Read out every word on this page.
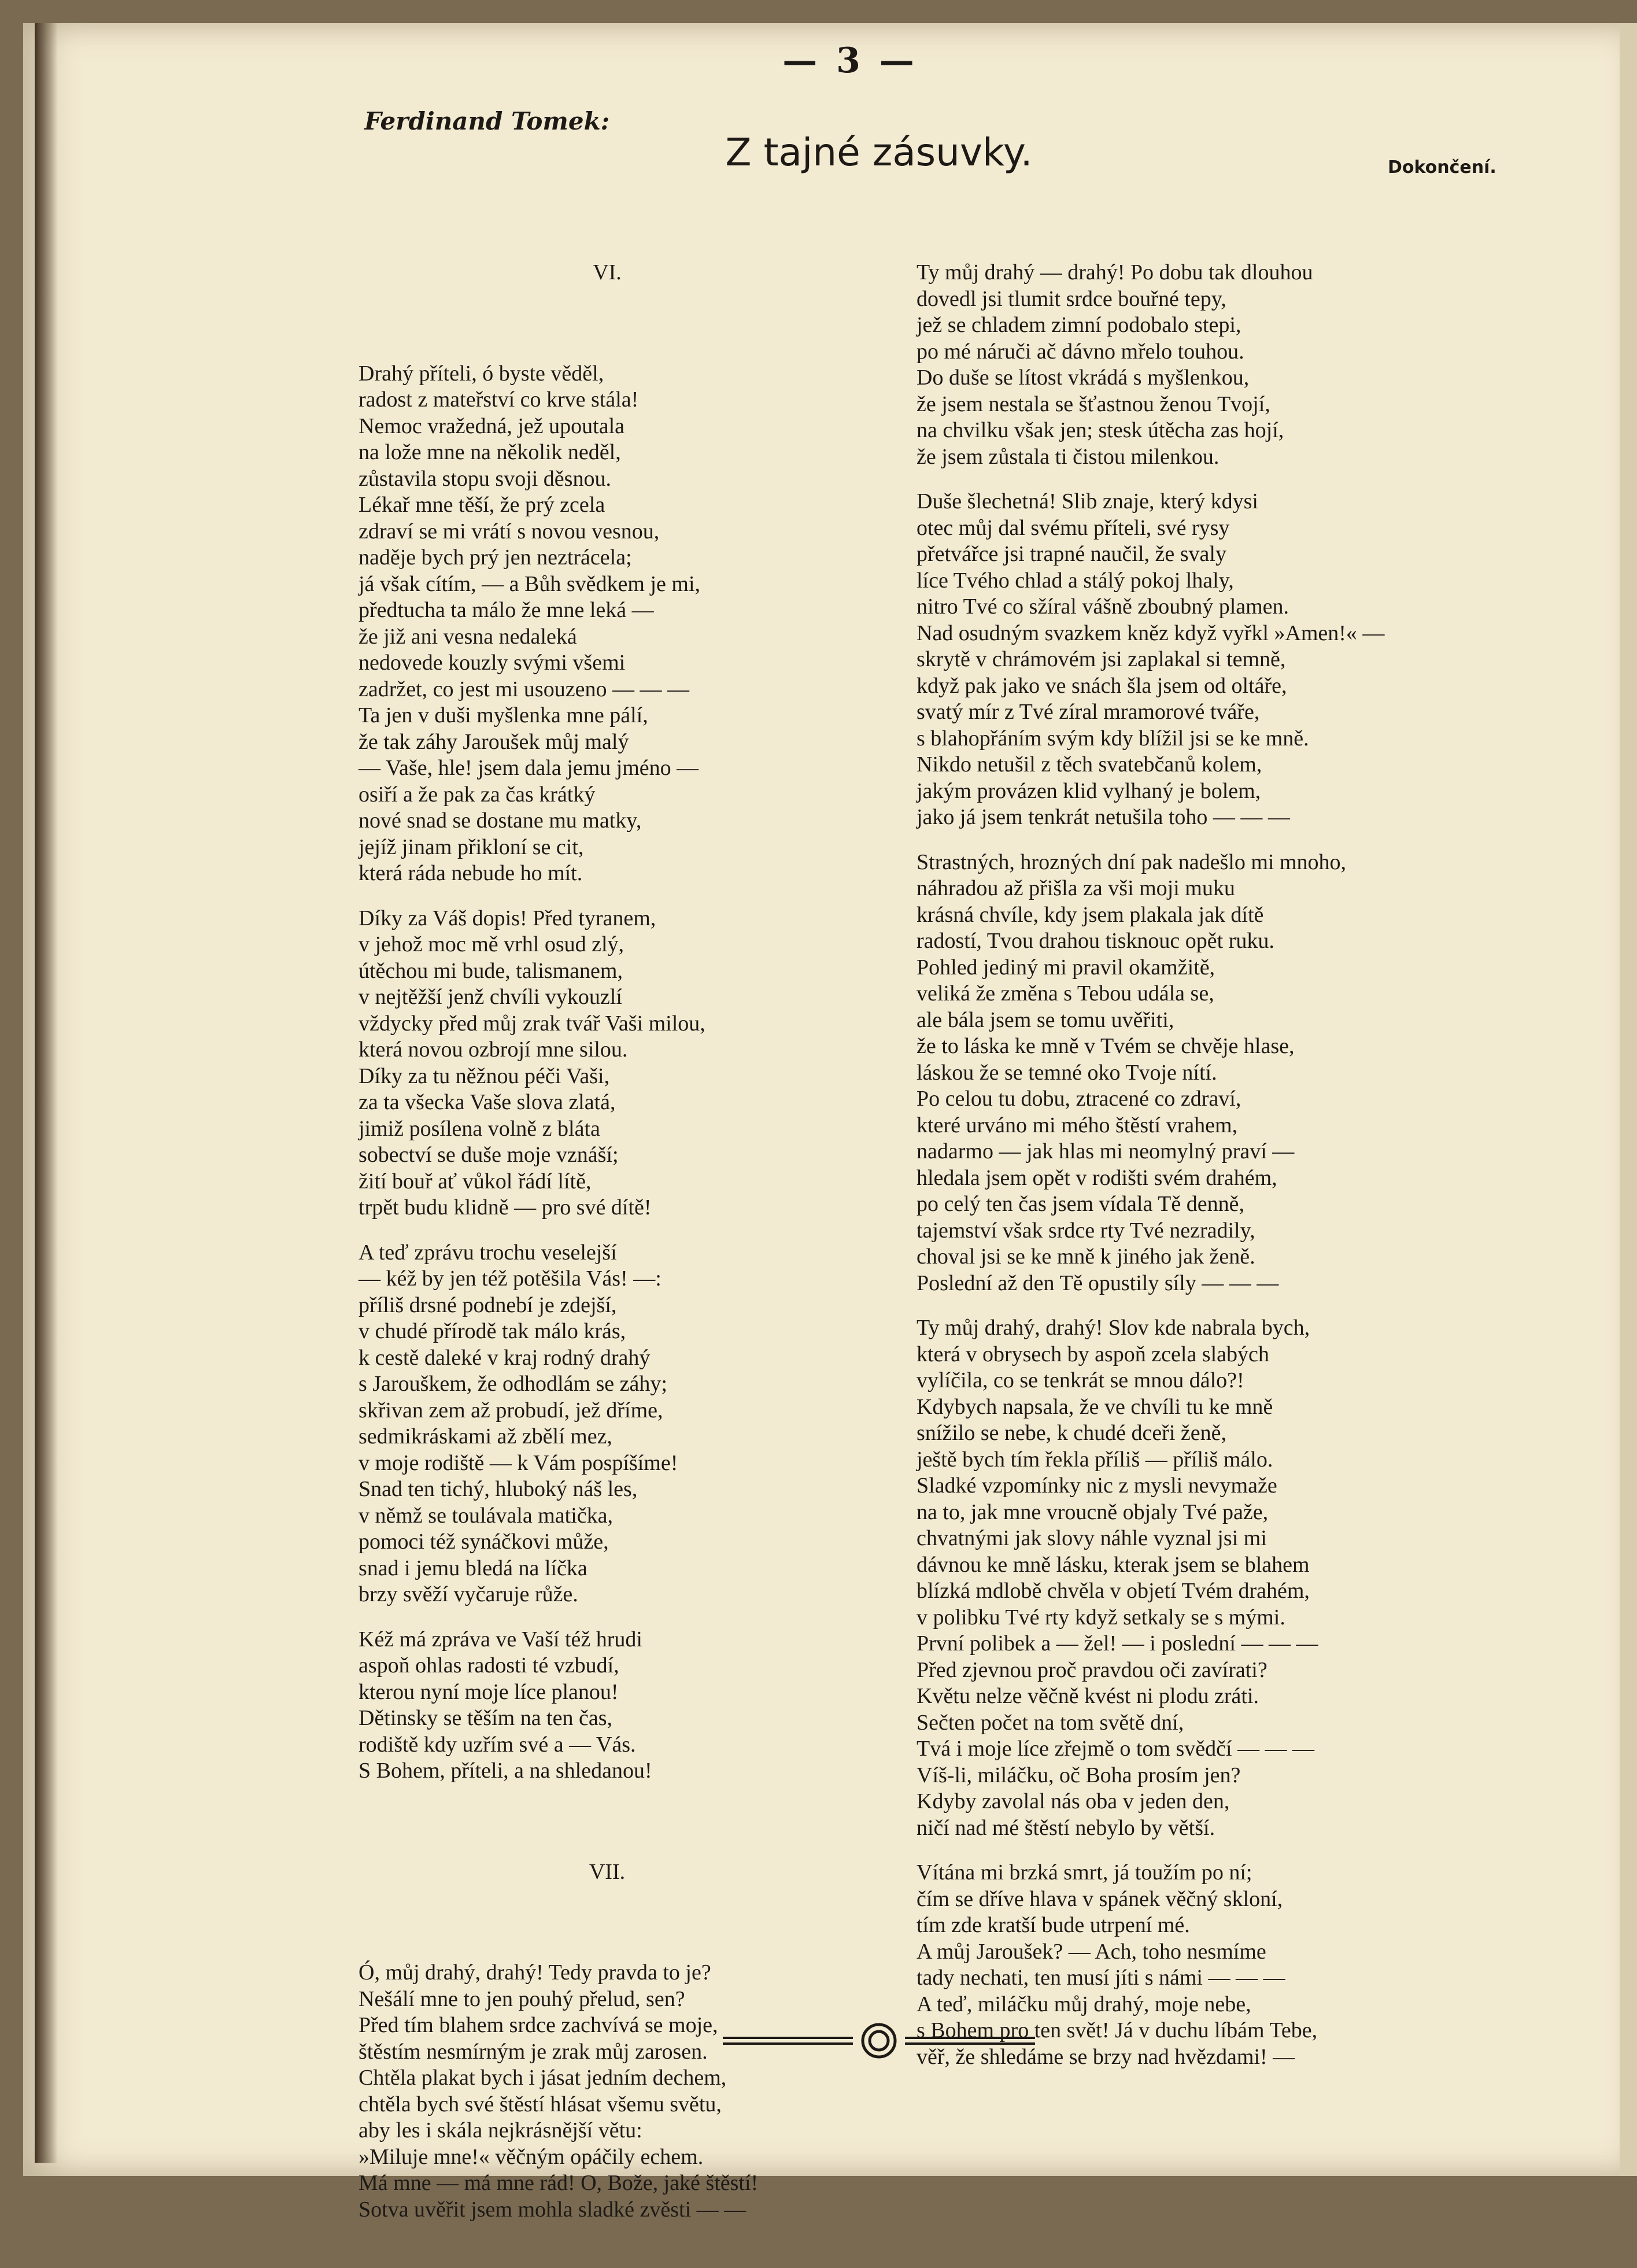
— 3 —
Ferdinand Tomek:
Z tajné zásuvky.	Dokončení.

VI.

Drahý příteli, ó byste věděl,
radost z mateřství co krve stála!
Nemoc vražedná, jež upoutala
na lože mne na několik neděl,
zůstavila stopu svoji děsnou.
Lékař mne těší, že prý zcela
zdraví se mi vrátí s novou vesnou,
naděje bych prý jen neztrácela;
já však cítím, — a Bůh svědkem je mi,
předtucha ta málo že mne leká —
že již ani vesna nedaleká
nedovede kouzly svými všemi
zadržet, co jest mi usouzeno — — —
Ta jen v duši myšlenka mne pálí,
že tak záhy Jaroušek můj malý
— Vaše, hle! jsem dala jemu jméno —
osiří a že pak za čas krátký
nové snad se dostane mu matky,
jejíž jinam přikloní se cit,
která ráda nebude ho mít.
Díky za Váš dopis! Před tyranem,
v jehož moc mě vrhl osud zlý,
útěchou mi bude, talismanem,
v nejtěžší jenž chvíli vykouzlí
vždycky před můj zrak tvář Vaši milou,
která novou ozbrojí mne silou.
Díky za tu něžnou péči Vaši,
za ta všecka Vaše slova zlatá,
jimiž posílena volně z bláta
sobectví se duše moje vznáší;
žití bouř ať vůkol řádí lítě,
trpět budu klidně — pro své dítě!
A teď zprávu trochu veselejší
— kéž by jen též potěšila Vás! —:
příliš drsné podnebí je zdejší,
v chudé přírodě tak málo krás,
k cestě daleké v kraj rodný drahý
s Jarouškem, že odhodlám se záhy;
skřivan zem až probudí, jež dříme,
sedmikráskami až zbělí mez,
v moje rodiště — k Vám pospíšíme!
Snad ten tichý, hluboký náš les,
v němž se toulávala matička,
pomoci též synáčkovi může,
snad i jemu bledá na líčka
brzy svěží vyčaruje růže.
Kéž má zpráva ve Vaší též hrudi
aspoň ohlas radosti té vzbudí,
kterou nyní moje líce planou!
Dětinsky se těším na ten čas,
rodiště kdy uzřím své a — Vás.
S Bohem, příteli, a na shledanou!

VII.

Ó, můj drahý, drahý! Tedy pravda to je?
Nešálí mne to jen pouhý přelud, sen?
Před tím blahem srdce zachvívá se moje,
štěstím nesmírným je zrak můj zarosen.
Chtěla plakat bych i jásat jedním dechem,
chtěla bych své štěstí hlásat všemu světu,
aby les i skála nejkrásnější větu:
»Miluje mne!« věčným opáčily echem.
Má mne — má mne rád! O, Bože, jaké štěstí!
Sotva uvěřit jsem mohla sladké zvěsti — —

Ty můj drahý — drahý! Po dobu tak dlouhou
dovedl jsi tlumit srdce bouřné tepy,
jež se chladem zimní podobalo stepi,
po mé náruči ač dávno mřelo touhou.
Do duše se lítost vkrádá s myšlenkou,
že jsem nestala se šťastnou ženou Tvojí,
na chvilku však jen; stesk útěcha zas hojí,
že jsem zůstala ti čistou milenkou.
Duše šlechetná! Slib znaje, který kdysi
otec můj dal svému příteli, své rysy
přetvářce jsi trapné naučil, že svaly
líce Tvého chlad a stálý pokoj lhaly,
nitro Tvé co sžíral vášně zboubný plamen.
Nad osudným svazkem kněz když vyřkl »Amen!« —
skrytě v chrámovém jsi zaplakal si temně,
když pak jako ve snách šla jsem od oltáře,
svatý mír z Tvé zíral mramorové tváře,
s blahopřáním svým kdy blížil jsi se ke mně.
Nikdo netušil z těch svatebčanů kolem,
jakým provázen klid vylhaný je bolem,
jako já jsem tenkrát netušila toho — — —
Strastných, hrozných dní pak nadešlo mi mnoho,
náhradou až přišla za vši moji muku
krásná chvíle, kdy jsem plakala jak dítě
radostí, Tvou drahou tisknouc opět ruku.
Pohled jediný mi pravil okamžitě,
veliká že změna s Tebou udála se,
ale bála jsem se tomu uvěřiti,
že to láska ke mně v Tvém se chvěje hlase,
láskou že se temné oko Tvoje nítí.
Po celou tu dobu, ztracené co zdraví,
které urváno mi mého štěstí vrahem,
nadarmo — jak hlas mi neomylný praví —
hledala jsem opět v rodišti svém drahém,
po celý ten čas jsem vídala Tě denně,
tajemství však srdce rty Tvé nezradily,
choval jsi se ke mně k jiného jak ženě.
Poslední až den Tě opustily síly — — —
Ty můj drahý, drahý! Slov kde nabrala bych,
která v obrysech by aspoň zcela slabých
vylíčila, co se tenkrát se mnou dálo?!
Kdybych napsala, že ve chvíli tu ke mně
snížilo se nebe, k chudé dceři ženě,
ještě bych tím řekla příliš — příliš málo.
Sladké vzpomínky nic z mysli nevymaže
na to, jak mne vroucně objaly Tvé paže,
chvatnými jak slovy náhle vyznal jsi mi
dávnou ke mně lásku, kterak jsem se blahem
blízká mdlobě chvěla v objetí Tvém drahém,
v polibku Tvé rty když setkaly se s mými.
První polibek a — žel! — i poslední — — —
Před zjevnou proč pravdou oči zavírati?
Květu nelze věčně kvést ni plodu zráti.
Sečten počet na tom světě dní,
Tvá i moje líce zřejmě o tom svědčí — — —
Víš-li, miláčku, oč Boha prosím jen?
Kdyby zavolal nás oba v jeden den,
ničí nad mé štěstí nebylo by větší.
Vítána mi brzká smrt, já toužím po ní;
čím se dříve hlava v spánek věčný skloní,
tím zde kratší bude utrpení mé.
A můj Jaroušek? — Ach, toho nesmíme
tady nechati, ten musí jíti s námi — — —
A teď, miláčku můj drahý, moje nebe,
s Bohem pro ten svět! Já v duchu líbám Tebe,
věř, že shledáme se brzy nad hvězdami! —
